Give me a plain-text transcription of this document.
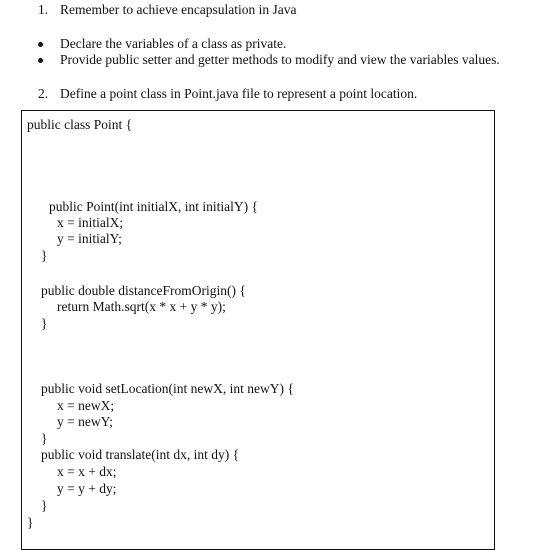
1. Remember to achieve encapsulation in Java
Declare the variables of a class as private.
Provide public setter and getter methods to modify and view the variables values.
2. Define a point class in Point.java file to represent a point location.
public class Point {
public Point(int initialX, int initialY) {
x = initialX;
y = initialY;
}
public double distanceFromOrigin() {
return Math.sqrt(x * x + y * y);
}
public void setLocation(int newX, int newY) {
x = newX;
y = newY;
}
public void translate(int dx, int dy) {
x = x + dx;
y = y + dy;
}
}
